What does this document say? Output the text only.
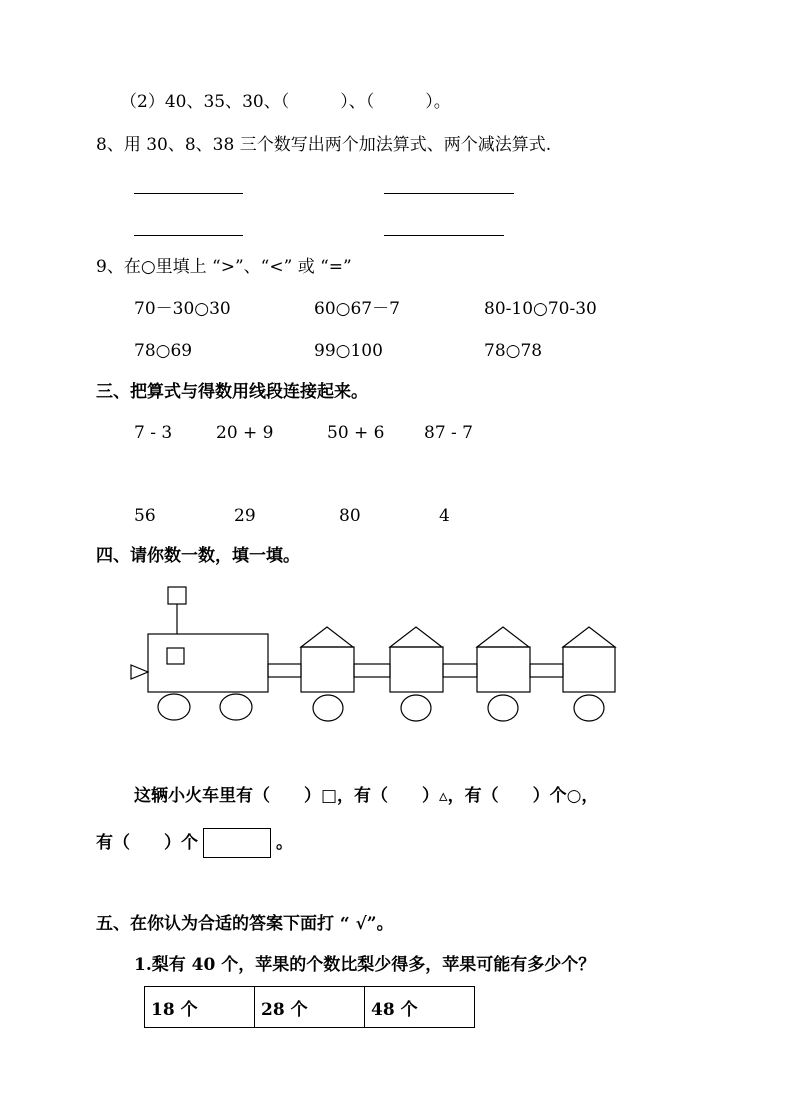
（2）40、35、30、（　　　）、（　　　）。
8、用 30、8、38 三个数写出两个加法算式、两个减法算式.
9、在○里填上 “>”、“<” 或 “=”
70－30○30	60○67－7	80-10○70-30
78○69	99○100	78○78
三、把算式与得数用线段连接起来。
7 - 3	20 + 9	50 + 6 87 - 7
56	29	80	4
四、请你数一数，填一填。
这辆小火车里有（　　）□，有（　　）▵，有（　　）个○，
有（　　）个	。
五、在你认为合适的答案下面打 “ √”。
1.梨有 40 个，苹果的个数比梨少得多，苹果可能有多少个？
18 个	28 个	48 个
